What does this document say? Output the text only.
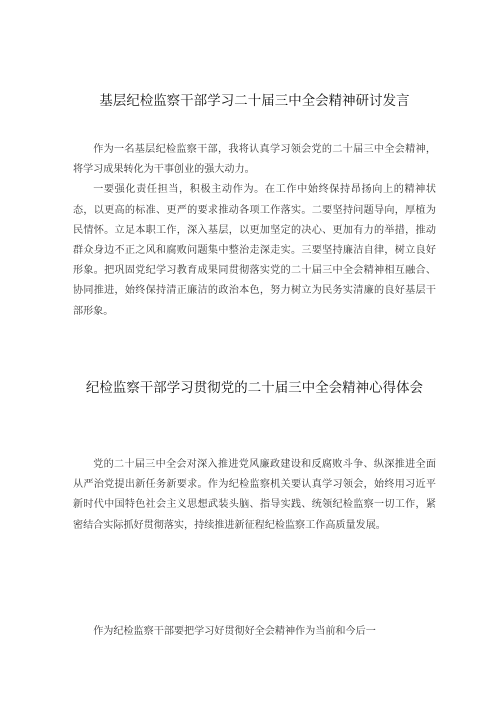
基层纪检监察干部学习二十届三中全会精神研讨发言

作为一名基层纪检监察干部，我将认真学习领会党的二十届三中全会精神，将学习成果转化为干事创业的强大动力。

一要强化责任担当，积极主动作为。在工作中始终保持昂扬向上的精神状态，以更高的标准、更严的要求推动各项工作落实。二要坚持问题导向，厚植为民情怀。立足本职工作，深入基层，以更加坚定的决心、更加有力的举措，推动群众身边不正之风和腐败问题集中整治走深走实。三要坚持廉洁自律，树立良好形象。把巩固党纪学习教育成果同贯彻落实党的二十届三中全会精神相互融合、协同推进，始终保持清正廉洁的政治本色，努力树立为民务实清廉的良好基层干部形象。

纪检监察干部学习贯彻党的二十届三中全会精神心得体会

党的二十届三中全会对深入推进党风廉政建设和反腐败斗争、纵深推进全面从严治党提出新任务新要求。作为纪检监察机关要认真学习领会，始终用习近平新时代中国特色社会主义思想武装头脑、指导实践、统领纪检监察一切工作，紧密结合实际抓好贯彻落实，持续推进新征程纪检监察工作高质量发展。

作为纪检监察干部要把学习好贯彻好全会精神作为当前和今后一
